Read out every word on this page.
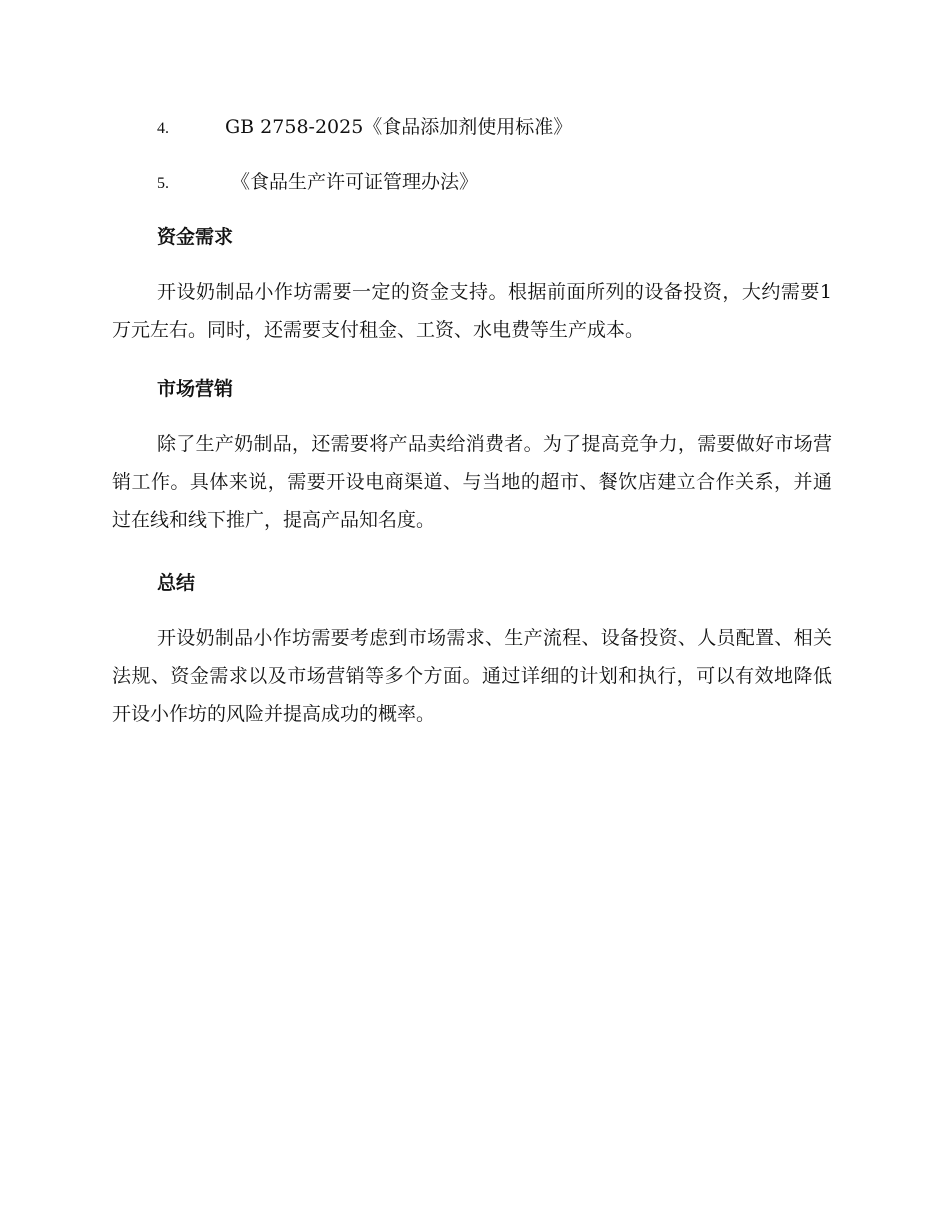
4.	GB 2758-2025《食品添加剂使用标准》
5.	《食品生产许可证管理办法》
资金需求

开设奶制品小作坊需要一定的资金支持。根据前面所列的设备投资，大约需要1万元左右。同时，还需要支付租金、工资、水电费等生产成本。

市场营销

除了生产奶制品，还需要将产品卖给消费者。为了提高竞争力，需要做好市场营销工作。具体来说，需要开设电商渠道、与当地的超市、餐饮店建立合作关系，并通过在线和线下推广，提高产品知名度。

总结

开设奶制品小作坊需要考虑到市场需求、生产流程、设备投资、人员配置、相关法规、资金需求以及市场营销等多个方面。通过详细的计划和执行，可以有效地降低开设小作坊的风险并提高成功的概率。
